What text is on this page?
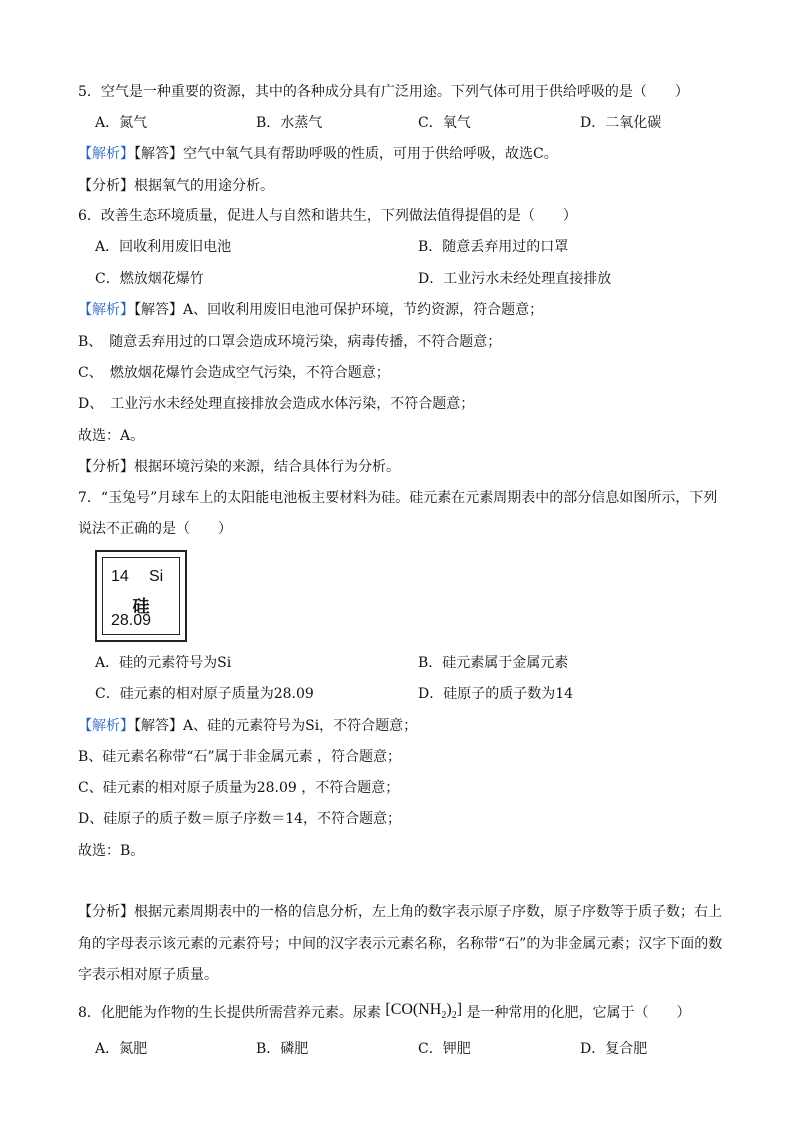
5．空气是一种重要的资源，其中的各种成分具有广泛用途。下列气体可用于供给呼吸的是（　　）
A．氮气	B．水蒸气	C．氧气	D．二氧化碳
【解析】【解答】空气中氧气具有帮助呼吸的性质，可用于供给呼吸，故选C。
【分析】根据氧气的用途分析。
6．改善生态环境质量，促进人与自然和谐共生，下列做法值得提倡的是（　　）
A．回收利用废旧电池	B．随意丢弃用过的口罩
C．燃放烟花爆竹	D．工业污水未经处理直接排放
【解析】【解答】A、回收利用废旧电池可保护环境，节约资源，符合题意；
B、　随意丢弃用过的口罩会造成环境污染，病毒传播，不符合题意；
C、　燃放烟花爆竹会造成空气污染，不符合题意；
D、　工业污水未经处理直接排放会造成水体污染，不符合题意；
故选：A。
【分析】根据环境污染的来源，结合具体行为分析。
7．“玉兔号”月球车上的太阳能电池板主要材料为硅。硅元素在元素周期表中的部分信息如图所示，下列
说法不正确的是（　　）
14 Si
硅
28.09
A．硅的元素符号为Si	B．硅元素属于金属元素
C．硅元素的相对原子质量为28.09	D．硅原子的质子数为14
【解析】【解答】A、硅的元素符号为Si，不符合题意；
B、硅元素名称带“石”属于非金属元素 ，符合题意；
C、硅元素的相对原子质量为28.09 ，不符合题意；
D、硅原子的质子数＝原子序数＝14，不符合题意；
故选：B。
【分析】根据元素周期表中的一格的信息分析，左上角的数字表示原子序数，原子序数等于质子数；右上
角的字母表示该元素的元素符号；中间的汉字表示元素名称，名称带“石”的为非金属元素；汉字下面的数
字表示相对原子质量。
8．化肥能为作物的生长提供所需营养元素。尿素 $[CO(NH_2)_2]$ 是一种常用的化肥，它属于（　　）
A．氮肥	B．磷肥	C．钾肥	D．复合肥
